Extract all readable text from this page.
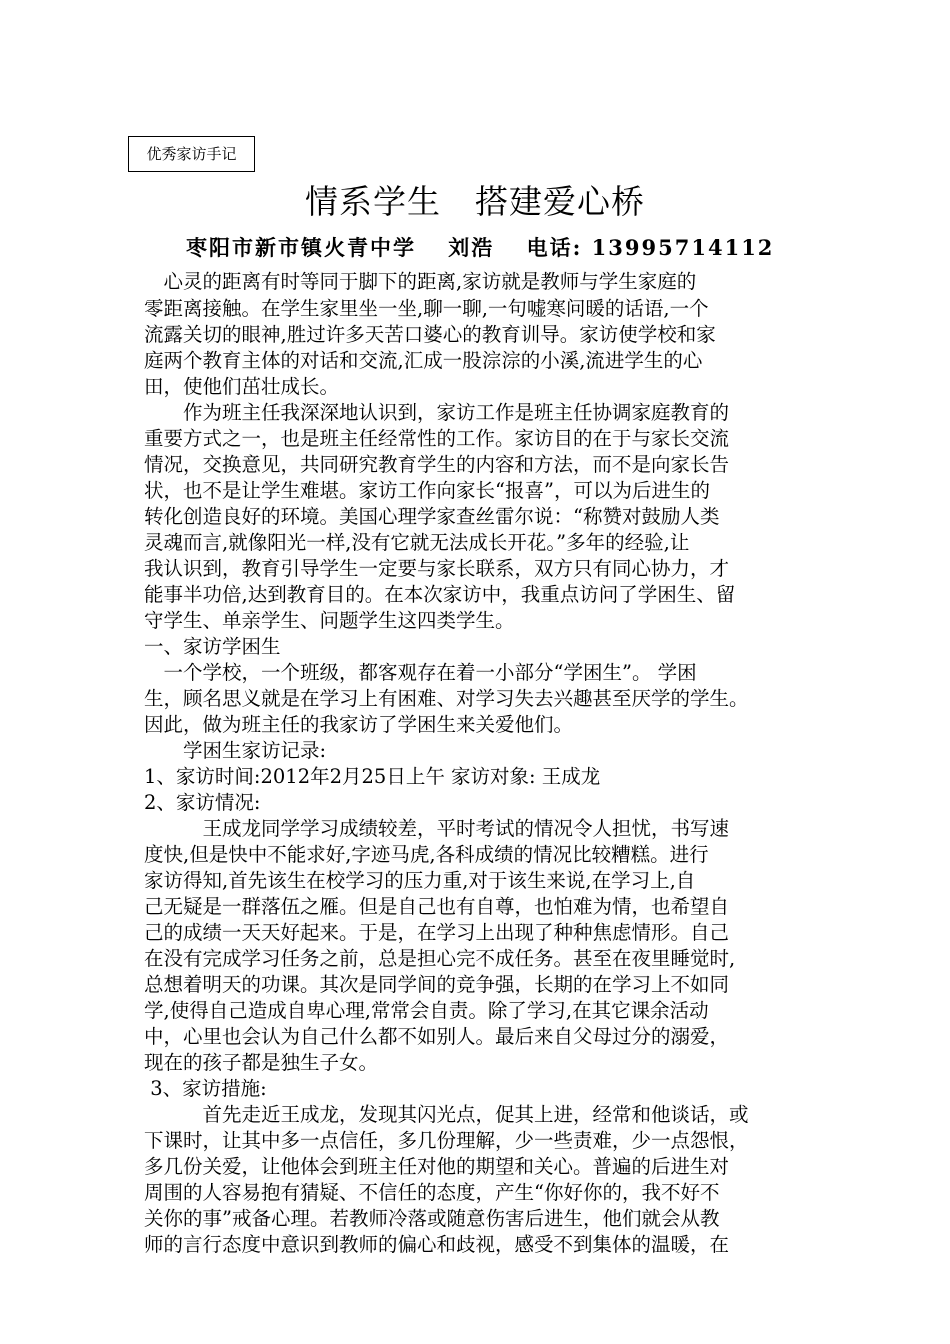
优秀家访手记
情系学生　搭建爱心桥
枣阳市新市镇火青中学　 刘浩　 电话: 13995714112
　心灵的距离有时等同于脚下的距离,家访就是教师与学生家庭的
零距离接触。在学生家里坐一坐,聊一聊,一句嘘寒问暖的话语,一个
流露关切的眼神,胜过许多天苦口婆心的教育训导。家访使学校和家
庭两个教育主体的对话和交流,汇成一股淙淙的小溪,流进学生的心
田，使他们茁壮成长。
　　作为班主任我深深地认识到，家访工作是班主任协调家庭教育的
重要方式之一，也是班主任经常性的工作。家访目的在于与家长交流
情况，交换意见，共同研究教育学生的内容和方法，而不是向家长告
状，也不是让学生难堪。家访工作向家长“报喜”，可以为后进生的
转化创造良好的环境。美国心理学家查丝雷尔说：“称赞对鼓励人类
灵魂而言,就像阳光一样,没有它就无法成长开花。”多年的经验,让
我认识到，教育引导学生一定要与家长联系，双方只有同心协力，才
能事半功倍,达到教育目的。在本次家访中，我重点访问了学困生、留
守学生、单亲学生、问题学生这四类学生。
一、家访学困生
　一个学校，一个班级，都客观存在着一小部分“学困生”。 学困
生，顾名思义就是在学习上有困难、对学习失去兴趣甚至厌学的学生。
因此，做为班主任的我家访了学困生来关爱他们。
　　学困生家访记录:
1、家访时间:2012年2月25日上午 家访对象: 王成龙
2、家访情况:
　　　王成龙同学学习成绩较差，平时考试的情况令人担忧，书写速
度快,但是快中不能求好,字迹马虎,各科成绩的情况比较糟糕。进行
家访得知,首先该生在校学习的压力重,对于该生来说,在学习上,自
己无疑是一群落伍之雁。但是自己也有自尊，也怕难为情，也希望自
己的成绩一天天好起来。于是，在学习上出现了种种焦虑情形。自己
在没有完成学习任务之前，总是担心完不成任务。甚至在夜里睡觉时,
总想着明天的功课。其次是同学间的竞争强，长期的在学习上不如同
学,使得自己造成自卑心理,常常会自责。除了学习,在其它课余活动
中，心里也会认为自己什么都不如别人。最后来自父母过分的溺爱，
现在的孩子都是独生子女。
3、家访措施:
　　　首先走近王成龙，发现其闪光点，促其上进，经常和他谈话，或
下课时，让其中多一点信任，多几份理解，少一些责难，少一点怨恨，
多几份关爱，让他体会到班主任对他的期望和关心。普遍的后进生对
周围的人容易抱有猜疑、不信任的态度，产生“你好你的，我不好不
关你的事”戒备心理。若教师冷落或随意伤害后进生，他们就会从教
师的言行态度中意识到教师的偏心和歧视，感受不到集体的温暖，在
